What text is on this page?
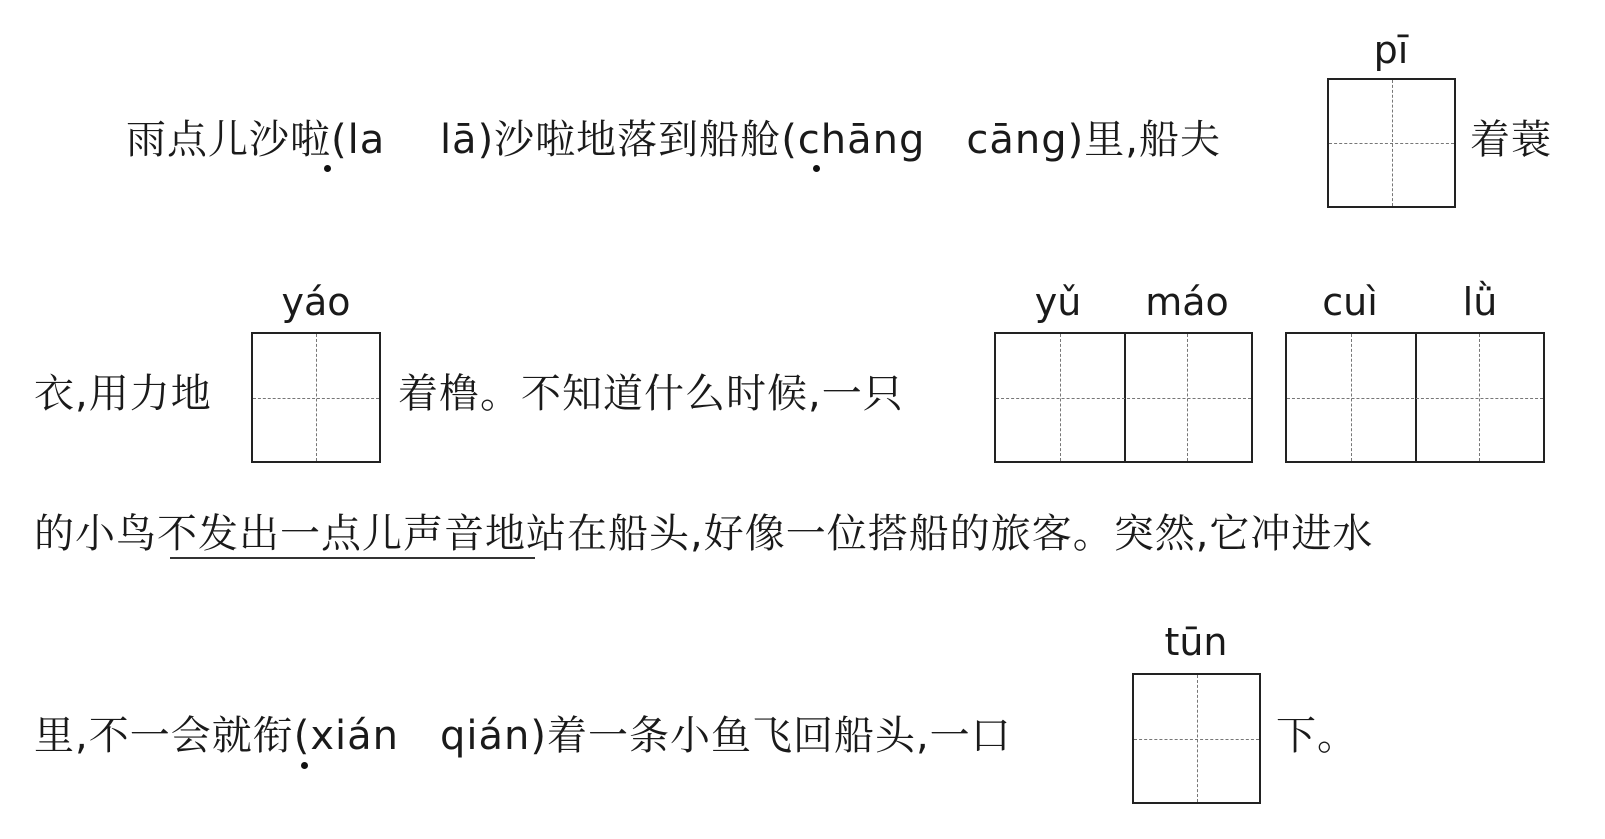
雨点儿沙啦(la　 lā)沙啦地落到船舱(chāng　cāng)里,船夫
pī
着蓑
衣,用力地
yáo
着橹。不知道什么时候,一只
yǔ	máo	cuì	lǜ
的小鸟不发出一点儿声音地站在船头,好像一位搭船的旅客。突然,它冲进水
里,不一会就衔(xián　qián)着一条小鱼飞回船头,一口
tūn
下。
